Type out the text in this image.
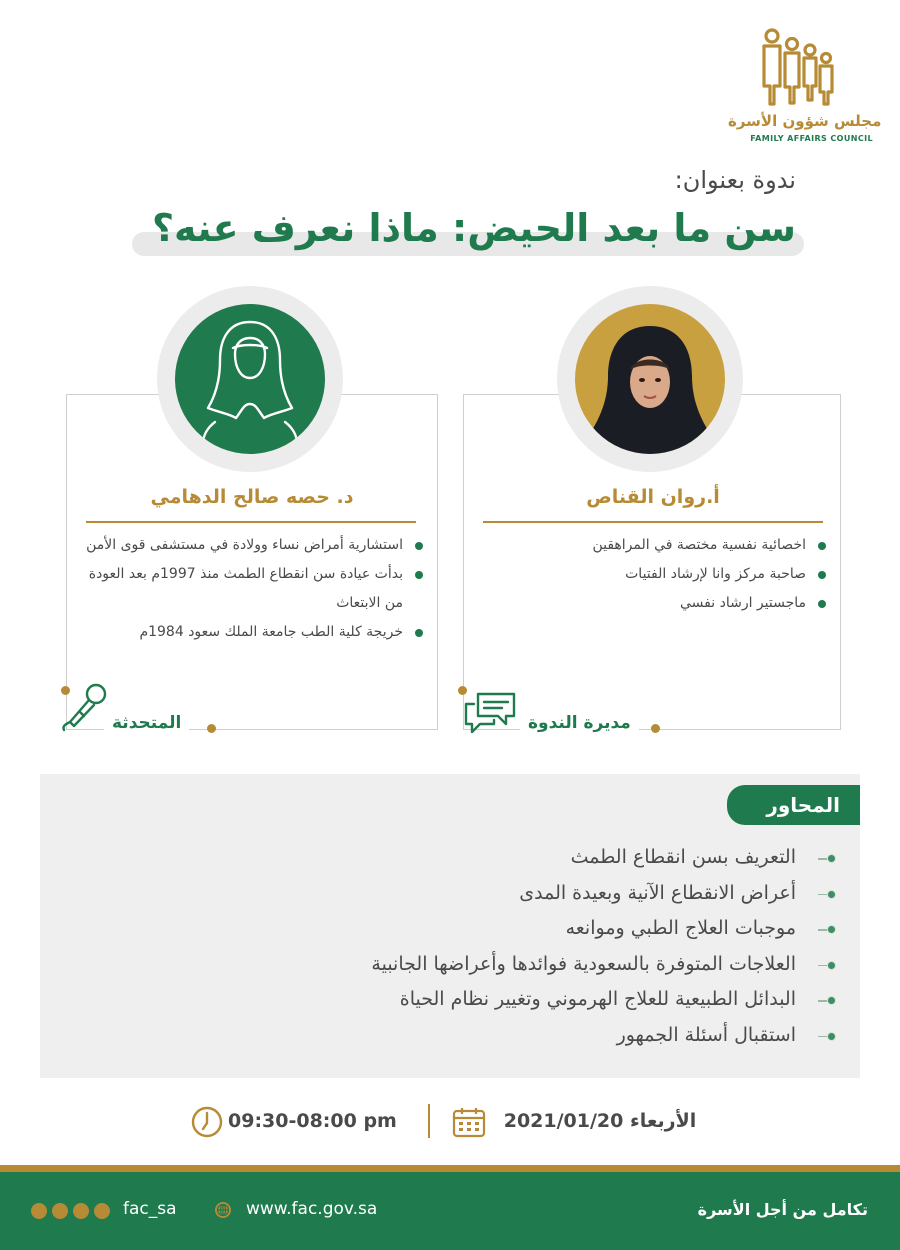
مجلس شؤون الأسرة
FAMILY AFFAIRS COUNCIL
ندوة بعنوان:
سن ما بعد الحيض: ماذا نعرف عنه؟
د. حصه صالح الدهامي
استشارية أمراض نساء وولادة في مستشفى قوى الأمن
بدأت عيادة سن انقطاع الطمث منذ 1997م بعد العودة من الابتعاث
خريجة كلية الطب جامعة الملك سعود 1984م
المتحدثة
أ.روان القناص
اخصائية نفسية مختصة في المراهقين
صاحبة مركز وانا لإرشاد الفتيات
ماجستير ارشاد نفسي
مديرة الندوة
المحاور
التعريف بسن انقطاع الطمث
أعراض الانقطاع الآنية وبعيدة المدى
موجبات العلاج الطبي وموانعه
العلاجات المتوفرة بالسعودية فوائدها وأعراضها الجانبية
البدائل الطبيعية للعلاج الهرموني وتغيير نظام الحياة
استقبال أسئلة الجمهور
الأربعاء 2021/01/20
09:30-08:00 pm
تكامل من أجل الأسرة
www.fac.gov.sa
fac_sa
